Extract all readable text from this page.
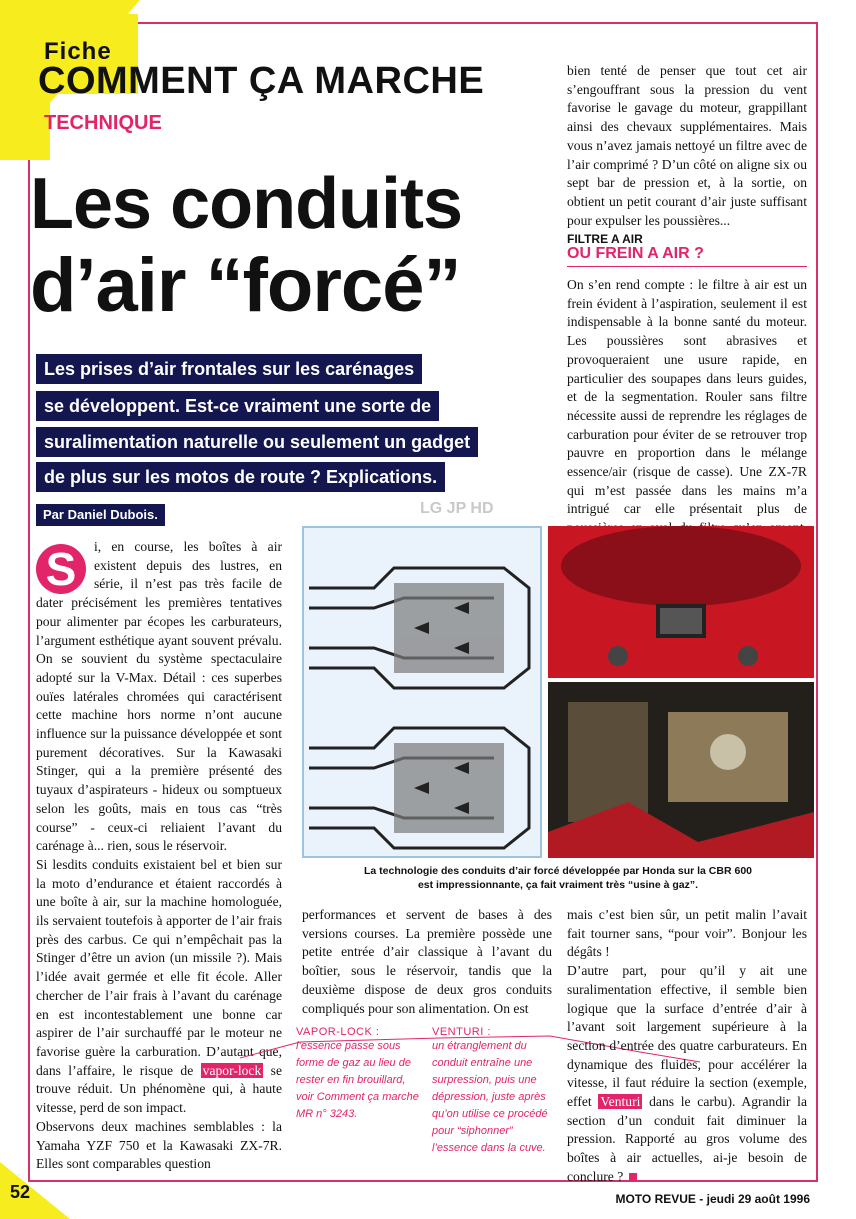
Fiche
COMMENT ÇA MARCHE
TECHNIQUE
Les conduits
d’air “forcé”
Les prises d’air frontales sur les carénages
se développent. Est-ce vraiment une sorte de
suralimentation naturelle ou seulement un gadget
de plus sur les motos de route ? Explications.
Par Daniel Dubois.
S	i, en course, les boîtes à air existent depuis des lustres, en série, il n’est pas très facile de dater précisément les premières tentatives pour alimenter par écopes les carburateurs, l’argument esthétique ayant souvent prévalu. On se souvient du système spectaculaire adopté sur la V-Max. Détail : ces superbes ouïes latérales chromées qui caractérisent cette machine hors norme n’ont aucune influence sur la puissance développée et sont purement décoratives. Sur la Kawasaki Stinger, qui a la première présenté des tuyaux d’aspirateurs - hideux ou somptueux selon les goûts, mais en tous cas “très course” - ceux-ci reliaient l’avant du carénage à... rien, sous le réservoir.

Si lesdits conduits existaient bel et bien sur la moto d’endurance et étaient raccordés à une boîte à air, sur la machine homologuée, ils servaient toutefois à apporter de l’air frais près des carbus. Ce qui n’empêchait pas la Stinger d’être un avion (un missile ?). Mais l’idée avait germée et elle fit école. Aller chercher de l’air frais à l’avant du carénage en est incontestablement une bonne car aspirer de l’air surchauffé par le moteur ne favorise guère la carburation. D’autant que, dans l’affaire, le risque de vapor-lock se trouve réduit. Un phénomène qui, à haute vitesse, perd de son impact.

Observons deux machines semblables : la Yamaha YZF 750 et la Kawasaki ZX-7R. Elles sont comparables question

bien tenté de penser que tout cet air s’engouffrant sous la pression du vent favorise le gavage du moteur, grappillant ainsi des chevaux supplémentaires. Mais vous n’avez jamais nettoyé un filtre avec de l’air comprimé ? D’un côté on aligne six ou sept bar de pression et, à la sortie, on obtient un petit courant d’air juste suffisant pour expulser les poussières...
FILTRE A AIR
OU FREIN A AIR ?
On s’en rend compte : le filtre à air est un frein évident à l’aspiration, seulement il est indispensable à la bonne santé du moteur. Les poussières sont abrasives et provoqueraient une usure rapide, en particulier des soupapes dans leurs guides, et de la segmentation. Rouler sans filtre nécessite aussi de reprendre les réglages de carburation pour éviter de se retrouver trop pauvre en proportion dans le mélange essence/air (risque de casse). Une ZX-7R qui m’est passée dans les mains m’a intrigué car elle présentait plus de
LG JP HD
La technologie des conduits d’air forcé développée par Honda sur la CBR 600
est impressionnante, ça fait vraiment très “usine à gaz”.
performances et servent de bases à des versions courses. La première possède une petite entrée d’air classique à l’avant du boîtier, sous le réservoir, tandis que la deuxième dispose de deux gros conduits compliqués pour son alimentation. On est
VAPOR-LOCK :
l’essence passe sous forme de gaz au lieu de rester en fin brouillard, voir Comment ça marche MR n° 3243.
VENTURI :
un étranglement du conduit entraîne une surpression, puis une dépression, juste après qu’on utilise ce procédé pour “siphonner” l’essence dans la cuve.

mais c’est bien sûr, un petit malin l’avait fait tourner sans, “pour voir”. Bonjour les dégâts !

D’autre part, pour qu’il y ait une suralimentation effective, il semble bien logique que la surface d’entrée d’air à l’avant soit largement supérieure à la section d’entrée des quatre carburateurs. En dynamique des fluides, pour accélérer la vitesse, il faut réduire la section (exemple, effet Venturi dans le carbu). Agrandir la section d’un conduit fait diminuer la pression. Rapporté au gros volume des boîtes à air actuelles, ai-je besoin de conclure ?

52	MOTO REVUE - jeudi 29 août 1996
